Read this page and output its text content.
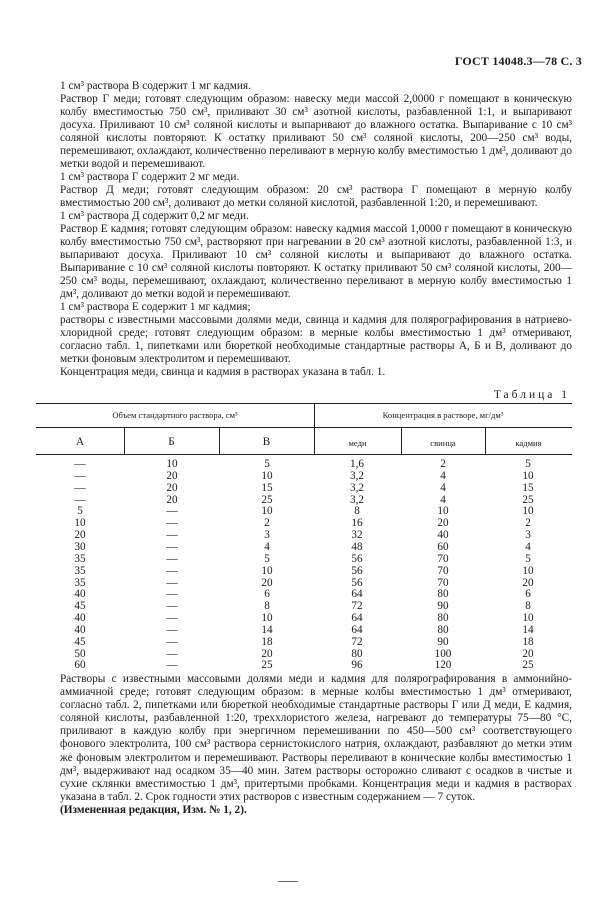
ГОСТ 14048.3—78 С. 3

1 см³ раствора В содержит 1 мг кадмия.

Раствор Г меди; готовят следующим образом: навеску меди массой 2,0000 г помещают в коническую колбу вместимостью 750 см³, приливают 30 см³ азотной кислоты, разбавленной 1:1, и выпаривают досуха. Приливают 10 см³ соляной кислоты и выпаривают до влажного остатка. Выпаривание с 10 см³ соляной кислоты повторяют. К остатку приливают 50 см³ соляной кислоты, 200—250 см³ воды, перемешивают, охлаждают, количественно переливают в мерную колбу вместимостью 1 дм³, доливают до метки водой и перемешивают.

1 см³ раствора Г содержит 2 мг меди.

Раствор Д меди; готовят следующим образом: 20 см³ раствора Г помещают в мерную колбу вместимостью 200 см³, доливают до метки соляной кислотой, разбавленной 1:20, и перемешивают.

1 см³ раствора Д содержит 0,2 мг меди.

Раствор Е кадмия; готовят следующим образом: навеску кадмия массой 1,0000 г помещают в коническую колбу вместимостью 750 см³, растворяют при нагревании в 20 см³ азотной кислоты, разбавленной 1:3, и выпаривают досуха. Приливают 10 см³ соляной кислоты и выпаривают до влажного остатка. Выпаривание с 10 см³ соляной кислоты повторяют. К остатку приливают 50 см³ соляной кислоты, 200—250 см³ воды, перемешивают, охлаждают, количественно переливают в мерную колбу вместимостью 1 дм³, доливают до метки водой и перемешивают.

1 см³ раствора Е содержит 1 мг кадмия;

растворы с известными массовыми долями меди, свинца и кадмия для полярографирования в натриево-хлоридной среде; готовят следующим образом: в мерные колбы вместимостью 1 дм³ отмеривают, согласно табл. 1, пипетками или бюреткой необходимые стандартные растворы А, Б и В, доливают до метки фоновым электролитом и перемешивают.

Концентрация меди, свинца и кадмия в растворах указана в табл. 1.

Таблица 1
Объем стандартного раствора, см³	Концентрация в растворе, мг/дм³
А	Б	В	меди	свинца	кадмия
—	10	5	1,6	2	5
—	20	10	3,2	4	10
—	20	15	3,2	4	15
—	20	25	3,2	4	25
5	—	10	8	10	10
10	—	2	16	20	2
20	—	3	32	40	3
30	—	4	48	60	4
35	—	5	56	70	5
35	—	10	56	70	10
35	—	20	56	70	20
40	—	6	64	80	6
45	—	8	72	90	8
40	—	10	64	80	10
40	—	14	64	80	14
45	—	18	72	90	18
50	—	20	80	100	20
60	—	25	96	120	25

Растворы с известными массовыми долями меди и кадмия для полярографирования в аммонийно-аммиачной среде; готовят следующим образом: в мерные колбы вместимостью 1 дм³ отмеривают, согласно табл. 2, пипетками или бюреткой необходимые стандартные растворы Г или Д меди, Е кадмия, соляной кислоты, разбавленной 1:20, треххлористого железа, нагревают до температуры 75—80 °С, приливают в каждую колбу при энергичном перемешивании по 450—500 см³ соответствующего фонового электролита, 100 см³ раствора сернистокислого натрия, охлаждают, разбавляют до метки этим же фоновым электролитом и перемешивают. Растворы переливают в конические колбы вместимостью 1 дм³, выдерживают над осадком 35—40 мин. Затем растворы осторожно сливают с осадков в чистые и сухие склянки вместимостью 1 дм³, притертыми пробками. Концентрация меди и кадмия в растворах указана в табл. 2. Срок годности этих растворов с известным содержанием — 7 суток.

(Измененная редакция, Изм. № 1, 2).
